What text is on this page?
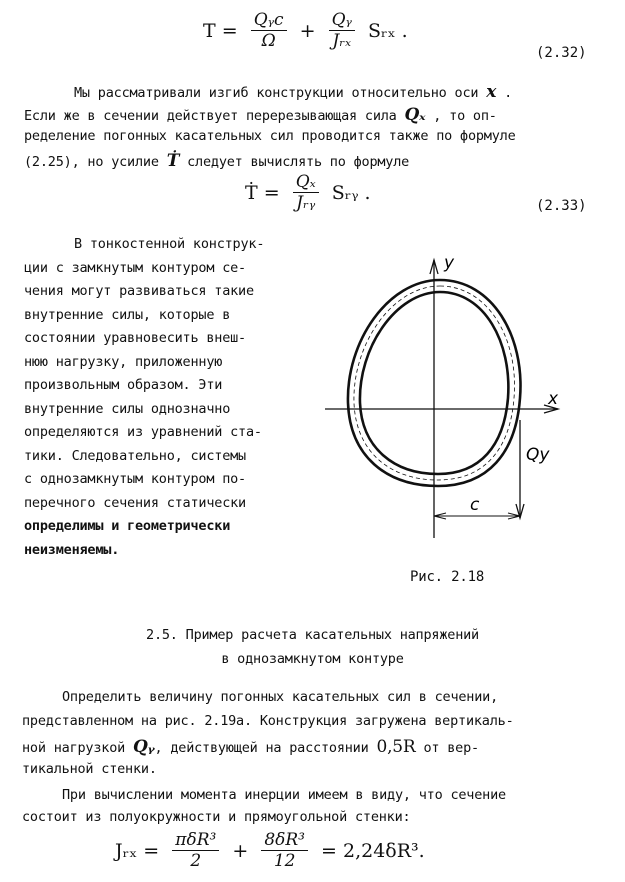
$T = \frac{\text{Qᵧc}}{\Omega} + \frac{\text{Qᵧ}}{\text{Jᵣₓ}}$ Sᵣₓ .
(2.32)
Мы рассматривали изгиб конструкции относительно оси x .
Если же в сечении действует перерезывающая сила Qₓ , то оп-
ределение погонных касательных сил проводится также по формуле
(2.25), но усилие Ṫ следует вычислять по формуле
Ṫ = $\frac{\text{Qₓ}}{\text{Jᵣᵧ}}$ Sᵣᵧ .
(2.33)
В тонкостенной конструк-
ции с замкнутым контуром се-
чения могут развиваться такие
внутренние силы, которые в
состоянии уравновесить внеш-
нюю нагрузку, приложенную
произвольным образом. Эти
внутренние силы однозначно
определяются из уравнений ста-
тики. Следовательно, системы
с однозамкнутым контуром по-
перечного сечения статически
определимы и геометрически
неизменяемы.
y
x
Qy
c
Рис. 2.18
2.5. Пример расчета касательных напряжений
в однозамкнутом контуре
Определить величину погонных касательных сил в сечении,
представленном на рис. 2.19а. Конструкция загружена вертикаль-
ной нагрузкой Qᵧ, действующей на расстоянии 0,5R от вер-
тикальной стенки.
При вычислении момента инерции имеем в виду, что сечение
состоит из полуокружности и прямоугольной стенки:
Jᵣₓ = $\frac{\text{πδR³}}{2} + \frac{\text{8δR³}}{12} = 2,24\delta R^3$.
